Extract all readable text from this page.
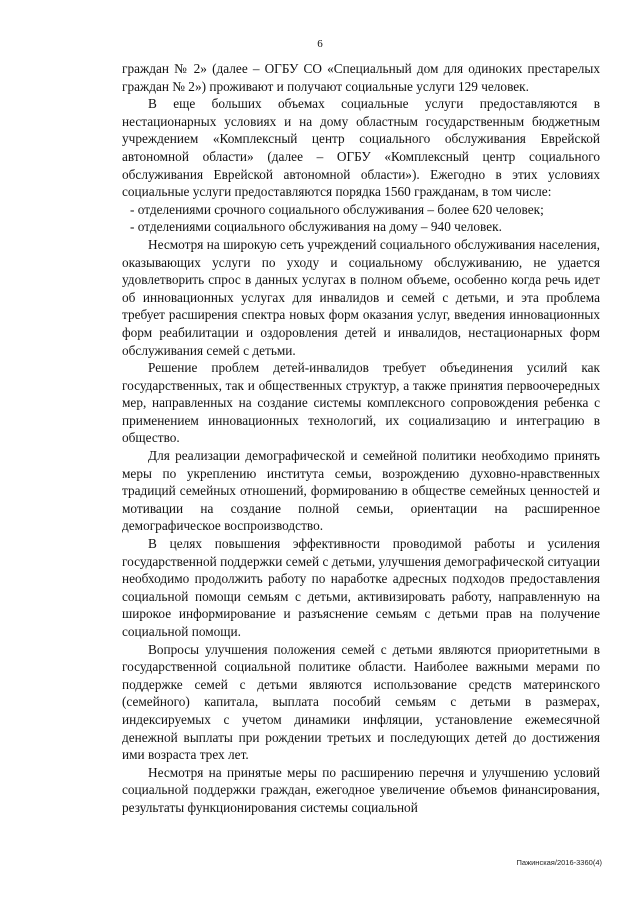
6

граждан № 2» (далее – ОГБУ СО «Специальный дом для одиноких престарелых граждан № 2») проживают и получают социальные услуги 129 человек.

В еще больших объемах социальные услуги предоставляются в нестационарных условиях и на дому областным государственным бюджетным учреждением «Комплексный центр социального обслуживания Еврейской автономной области» (далее – ОГБУ «Комплексный центр социального обслуживания Еврейской автономной области»). Ежегодно в этих условиях социальные услуги предоставляются порядка 1560 гражданам, в том числе:

- отделениями срочного социального обслуживания – более 620 человек;

- отделениями социального обслуживания на дому – 940 человек.

Несмотря на широкую сеть учреждений социального обслуживания населения, оказывающих услуги по уходу и социальному обслуживанию, не удается удовлетворить спрос в данных услугах в полном объеме, особенно когда речь идет об инновационных услугах для инвалидов и семей с детьми, и эта проблема требует расширения спектра новых форм оказания услуг, введения инновационных форм реабилитации и оздоровления детей и инвалидов, нестационарных форм обслуживания семей с детьми.

Решение проблем детей-инвалидов требует объединения усилий как государственных, так и общественных структур, а также принятия первоочередных мер, направленных на создание системы комплексного сопровождения ребенка с применением инновационных технологий, их социализацию и интеграцию в общество.

Для реализации демографической и семейной политики необходимо принять меры по укреплению института семьи, возрождению духовно-нравственных традиций семейных отношений, формированию в обществе семейных ценностей и мотивации на создание полной семьи, ориентации на расширенное демографическое воспроизводство.

В целях повышения эффективности проводимой работы и усиления государственной поддержки семей с детьми, улучшения демографической ситуации необходимо продолжить работу по наработке адресных подходов предоставления социальной помощи семьям с детьми, активизировать работу, направленную на широкое информирование и разъяснение семьям с детьми прав на получение социальной помощи.

Вопросы улучшения положения семей с детьми являются приоритетными в государственной социальной политике области. Наиболее важными мерами по поддержке семей с детьми являются использование средств материнского (семейного) капитала, выплата пособий семьям с детьми в размерах, индексируемых с учетом динамики инфляции, установление ежемесячной денежной выплаты при рождении третьих и последующих детей до достижения ими возраста трех лет.

Несмотря на принятые меры по расширению перечня и улучшению условий социальной поддержки граждан, ежегодное увеличение объемов финансирования, результаты функционирования системы социальной

Пажинская/2016-3360(4)
